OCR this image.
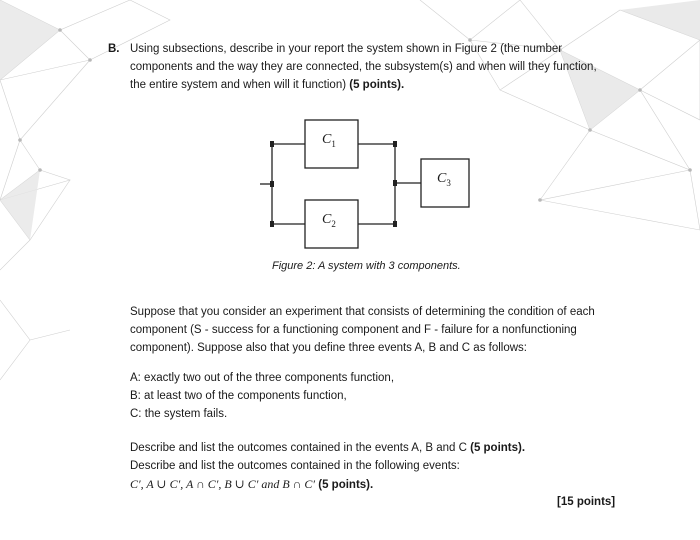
B. Using subsections, describe in your report the system shown in Figure 2 (the number

components and the way they are connected, the subsystem(s) and when will they function,

the entire system and when will it function) (5 points).

$C_1$
$C_2$
$C_3$
Figure 2: A system with 3 components.

Suppose that you consider an experiment that consists of determining the condition of each

component (S - success for a functioning component and F - failure for a nonfunctioning

component). Suppose also that you define three events A, B and C as follows:

A: exactly two out of the three components function,

B: at least two of the components function,

C: the system fails.

Describe and list the outcomes contained in the events A, B and C (5 points).

Describe and list the outcomes contained in the following events:

C′, A ∪ C′, A ∩ C′, B ∪ C′ and B ∩ C′ (5 points).

[15 points]
